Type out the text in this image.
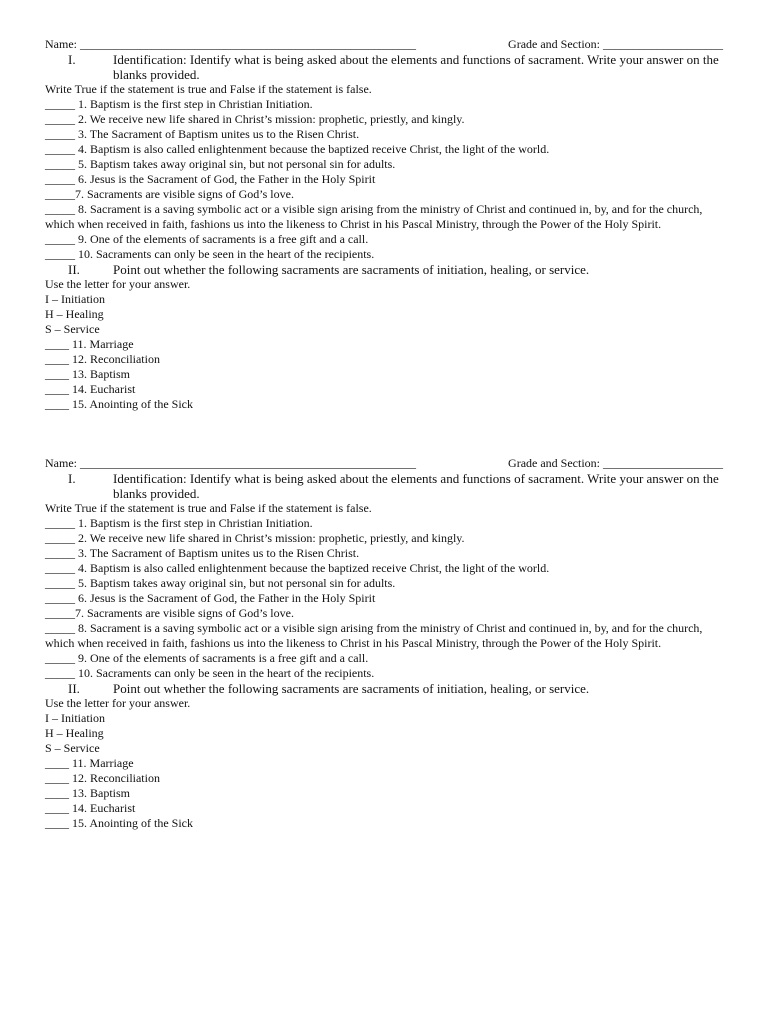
Name: ________________________________________________________	Grade and Section: ____________________
I.	Identification: Identify what is being asked about the elements and functions of sacrament. Write your answer on the blanks provided.
Write True if the statement is true and False if the statement is false.
_____ 1. Baptism is the first step in Christian Initiation.
_____ 2. We receive new life shared in Christ’s mission: prophetic, priestly, and kingly.
_____ 3. The Sacrament of Baptism unites us to the Risen Christ.
_____ 4. Baptism is also called enlightenment because the baptized receive Christ, the light of the world.
_____ 5. Baptism takes away original sin, but not personal sin for adults.
_____ 6. Jesus is the Sacrament of God, the Father in the Holy Spirit
_____7. Sacraments are visible signs of God’s love.
_____ 8. Sacrament is a saving symbolic act or a visible sign arising from the ministry of Christ and continued in, by, and for the church, which when received in faith, fashions us into the likeness to Christ in his Pascal Ministry, through the Power of the Holy Spirit.
_____ 9. One of the elements of sacraments is a free gift and a call.
_____ 10. Sacraments can only be seen in the heart of the recipients.
II.	Point out whether the following sacraments are sacraments of initiation, healing, or service.
Use the letter for your answer.
I – Initiation
H – Healing
S – Service
____ 11. Marriage
____ 12. Reconciliation
____ 13. Baptism
____ 14. Eucharist
____ 15. Anointing of the Sick
Name: ________________________________________________________	Grade and Section: ____________________
I.	Identification: Identify what is being asked about the elements and functions of sacrament. Write your answer on the blanks provided.
Write True if the statement is true and False if the statement is false.
_____ 1. Baptism is the first step in Christian Initiation.
_____ 2. We receive new life shared in Christ’s mission: prophetic, priestly, and kingly.
_____ 3. The Sacrament of Baptism unites us to the Risen Christ.
_____ 4. Baptism is also called enlightenment because the baptized receive Christ, the light of the world.
_____ 5. Baptism takes away original sin, but not personal sin for adults.
_____ 6. Jesus is the Sacrament of God, the Father in the Holy Spirit
_____7. Sacraments are visible signs of God’s love.
_____ 8. Sacrament is a saving symbolic act or a visible sign arising from the ministry of Christ and continued in, by, and for the church, which when received in faith, fashions us into the likeness to Christ in his Pascal Ministry, through the Power of the Holy Spirit.
_____ 9. One of the elements of sacraments is a free gift and a call.
_____ 10. Sacraments can only be seen in the heart of the recipients.
II.	Point out whether the following sacraments are sacraments of initiation, healing, or service.
Use the letter for your answer.
I – Initiation
H – Healing
S – Service
____ 11. Marriage
____ 12. Reconciliation
____ 13. Baptism
____ 14. Eucharist
____ 15. Anointing of the Sick
